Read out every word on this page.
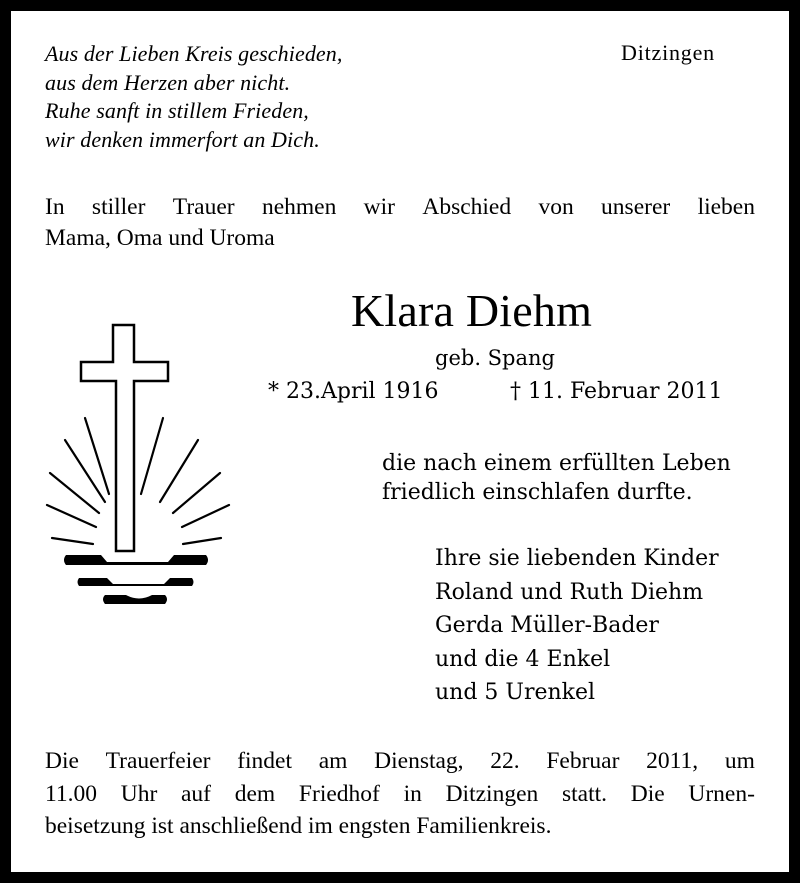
Aus der Lieben Kreis geschieden,
aus dem Herzen aber nicht.
Ruhe sanft in stillem Frieden,
wir denken immerfort an Dich.
Ditzingen
In stiller Trauer nehmen wir Abschied von unserer lieben
Mama, Oma und Uroma
Klara Diehm
geb. Spang
* 23.April 1916	† 11. Februar 2011
die nach einem erfüllten Leben
friedlich einschlafen durfte.
Ihre sie liebenden Kinder
Roland und Ruth Diehm
Gerda Müller-Bader
und die 4 Enkel
und 5 Urenkel
Die Trauerfeier findet am Dienstag, 22. Februar 2011, um
11.00 Uhr auf dem Friedhof in Ditzingen statt. Die Urnen-
beisetzung ist anschließend im engsten Familienkreis.
